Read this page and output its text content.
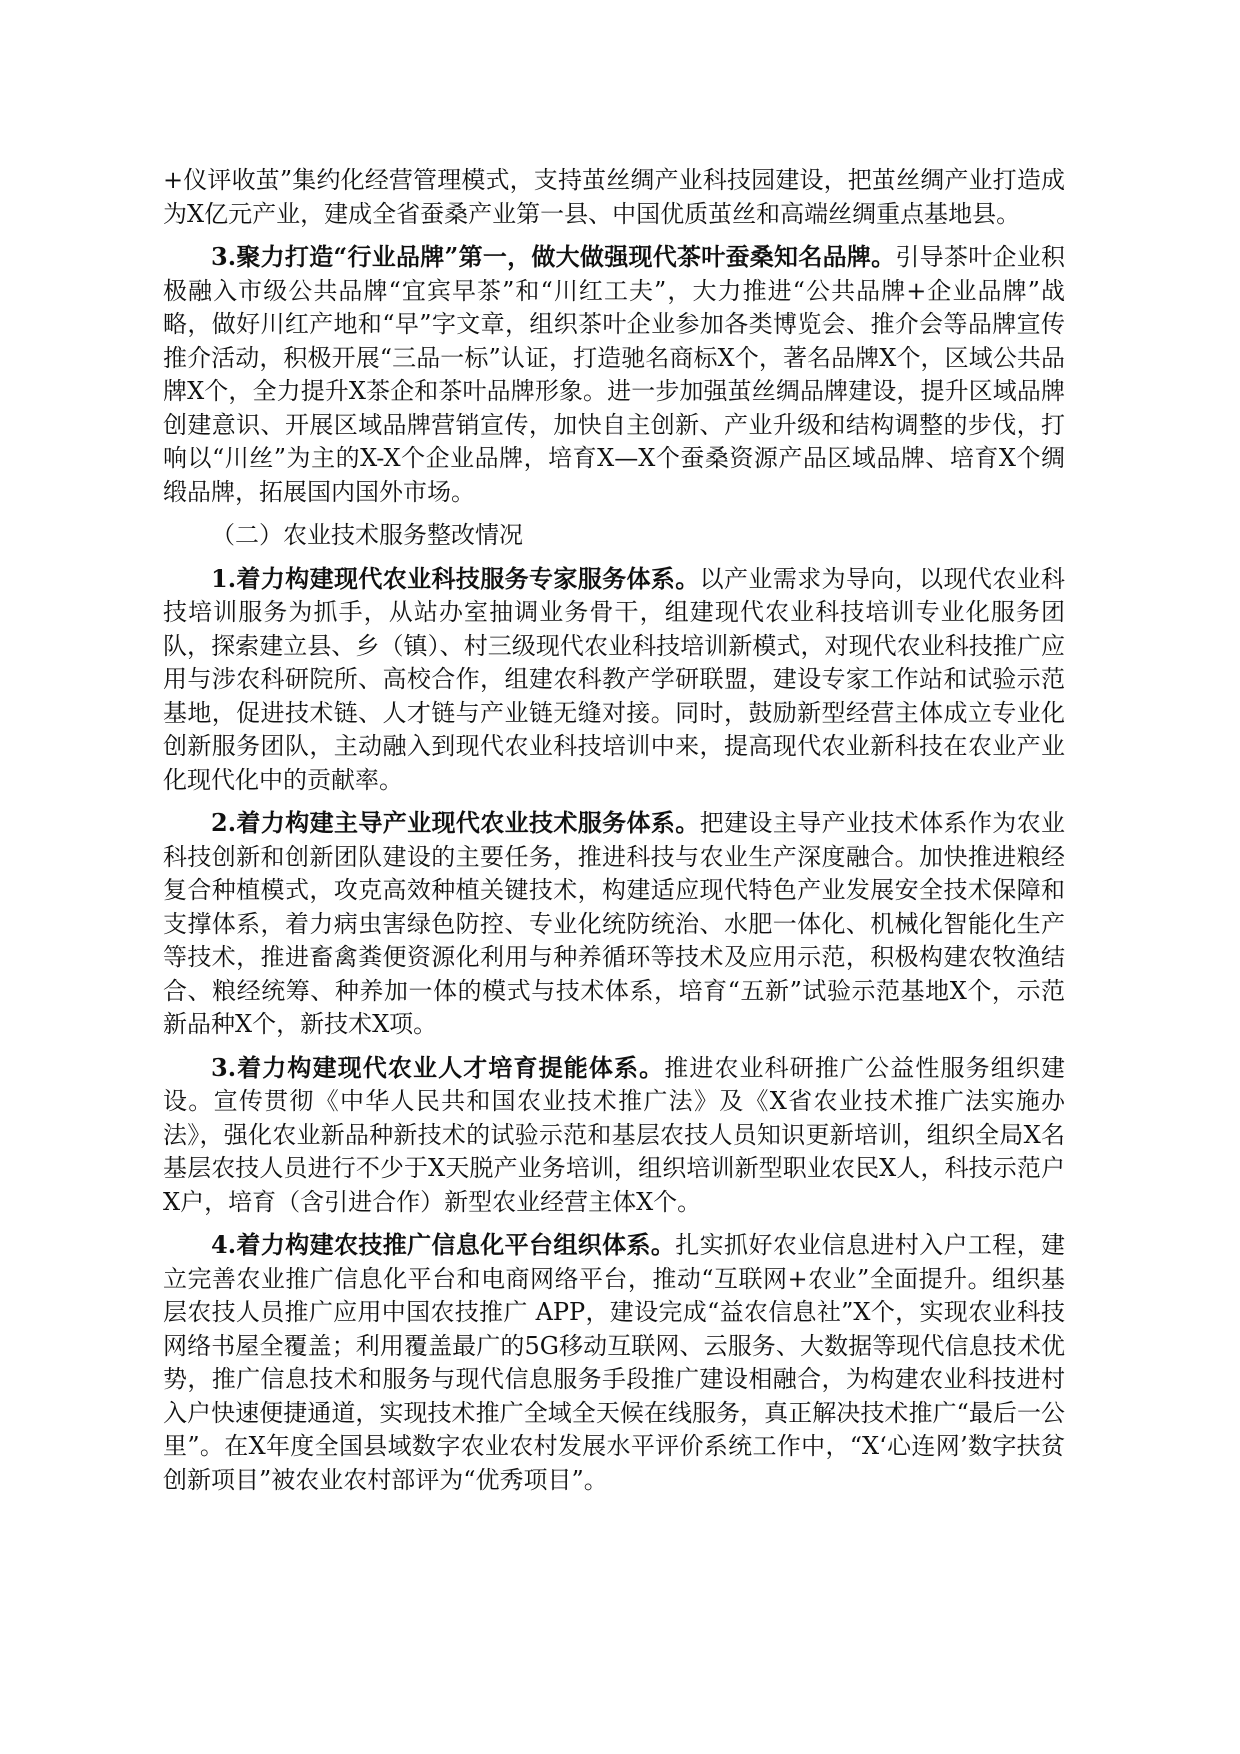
+仪评收茧”集约化经营管理模式，支持茧丝绸产业科技园建设，把茧丝绸产业打造成为X亿元产业，建成全省蚕桑产业第一县、中国优质茧丝和高端丝绸重点基地县。

3.聚力打造“行业品牌”第一，做大做强现代茶叶蚕桑知名品牌。引导茶叶企业积极融入市级公共品牌“宜宾早茶”和“川红工夫”，大力推进“公共品牌+企业品牌”战略，做好川红产地和“早”字文章，组织茶叶企业参加各类博览会、推介会等品牌宣传推介活动，积极开展“三品一标”认证，打造驰名商标X个，著名品牌X个，区域公共品牌X个，全力提升X茶企和茶叶品牌形象。进一步加强茧丝绸品牌建设，提升区域品牌创建意识、开展区域品牌营销宣传，加快自主创新、产业升级和结构调整的步伐，打响以“川丝”为主的X-X个企业品牌，培育X—X个蚕桑资源产品区域品牌、培育X个绸缎品牌，拓展国内国外市场。

（二）农业技术服务整改情况

1.着力构建现代农业科技服务专家服务体系。以产业需求为导向，以现代农业科技培训服务为抓手，从站办室抽调业务骨干，组建现代农业科技培训专业化服务团队，探索建立县、乡（镇）、村三级现代农业科技培训新模式，对现代农业科技推广应用与涉农科研院所、高校合作，组建农科教产学研联盟，建设专家工作站和试验示范基地，促进技术链、人才链与产业链无缝对接。同时，鼓励新型经营主体成立专业化创新服务团队，主动融入到现代农业科技培训中来，提高现代农业新科技在农业产业化现代化中的贡献率。

2.着力构建主导产业现代农业技术服务体系。把建设主导产业技术体系作为农业科技创新和创新团队建设的主要任务，推进科技与农业生产深度融合。加快推进粮经复合种植模式，攻克高效种植关键技术，构建适应现代特色产业发展安全技术保障和支撑体系，着力病虫害绿色防控、专业化统防统治、水肥一体化、机械化智能化生产等技术，推进畜禽粪便资源化利用与种养循环等技术及应用示范，积极构建农牧渔结合、粮经统筹、种养加一体的模式与技术体系，培育“五新”试验示范基地X个，示范新品种X个，新技术X项。

3.着力构建现代农业人才培育提能体系。推进农业科研推广公益性服务组织建设。宣传贯彻《中华人民共和国农业技术推广法》及《X省农业技术推广法实施办法》，强化农业新品种新技术的试验示范和基层农技人员知识更新培训，组织全局X名基层农技人员进行不少于X天脱产业务培训，组织培训新型职业农民X人，科技示范户X户，培育（含引进合作）新型农业经营主体X个。

4.着力构建农技推广信息化平台组织体系。扎实抓好农业信息进村入户工程，建立完善农业推广信息化平台和电商网络平台，推动“互联网+农业”全面提升。组织基层农技人员推广应用中国农技推广 APP，建设完成“益农信息社”X个，实现农业科技网络书屋全覆盖；利用覆盖最广的5G移动互联网、云服务、大数据等现代信息技术优势，推广信息技术和服务与现代信息服务手段推广建设相融合，为构建农业科技进村入户快速便捷通道，实现技术推广全域全天候在线服务，真正解决技术推广“最后一公里”。在X年度全国县域数字农业农村发展水平评价系统工作中，“X‘心连网’数字扶贫创新项目”被农业农村部评为“优秀项目”。
